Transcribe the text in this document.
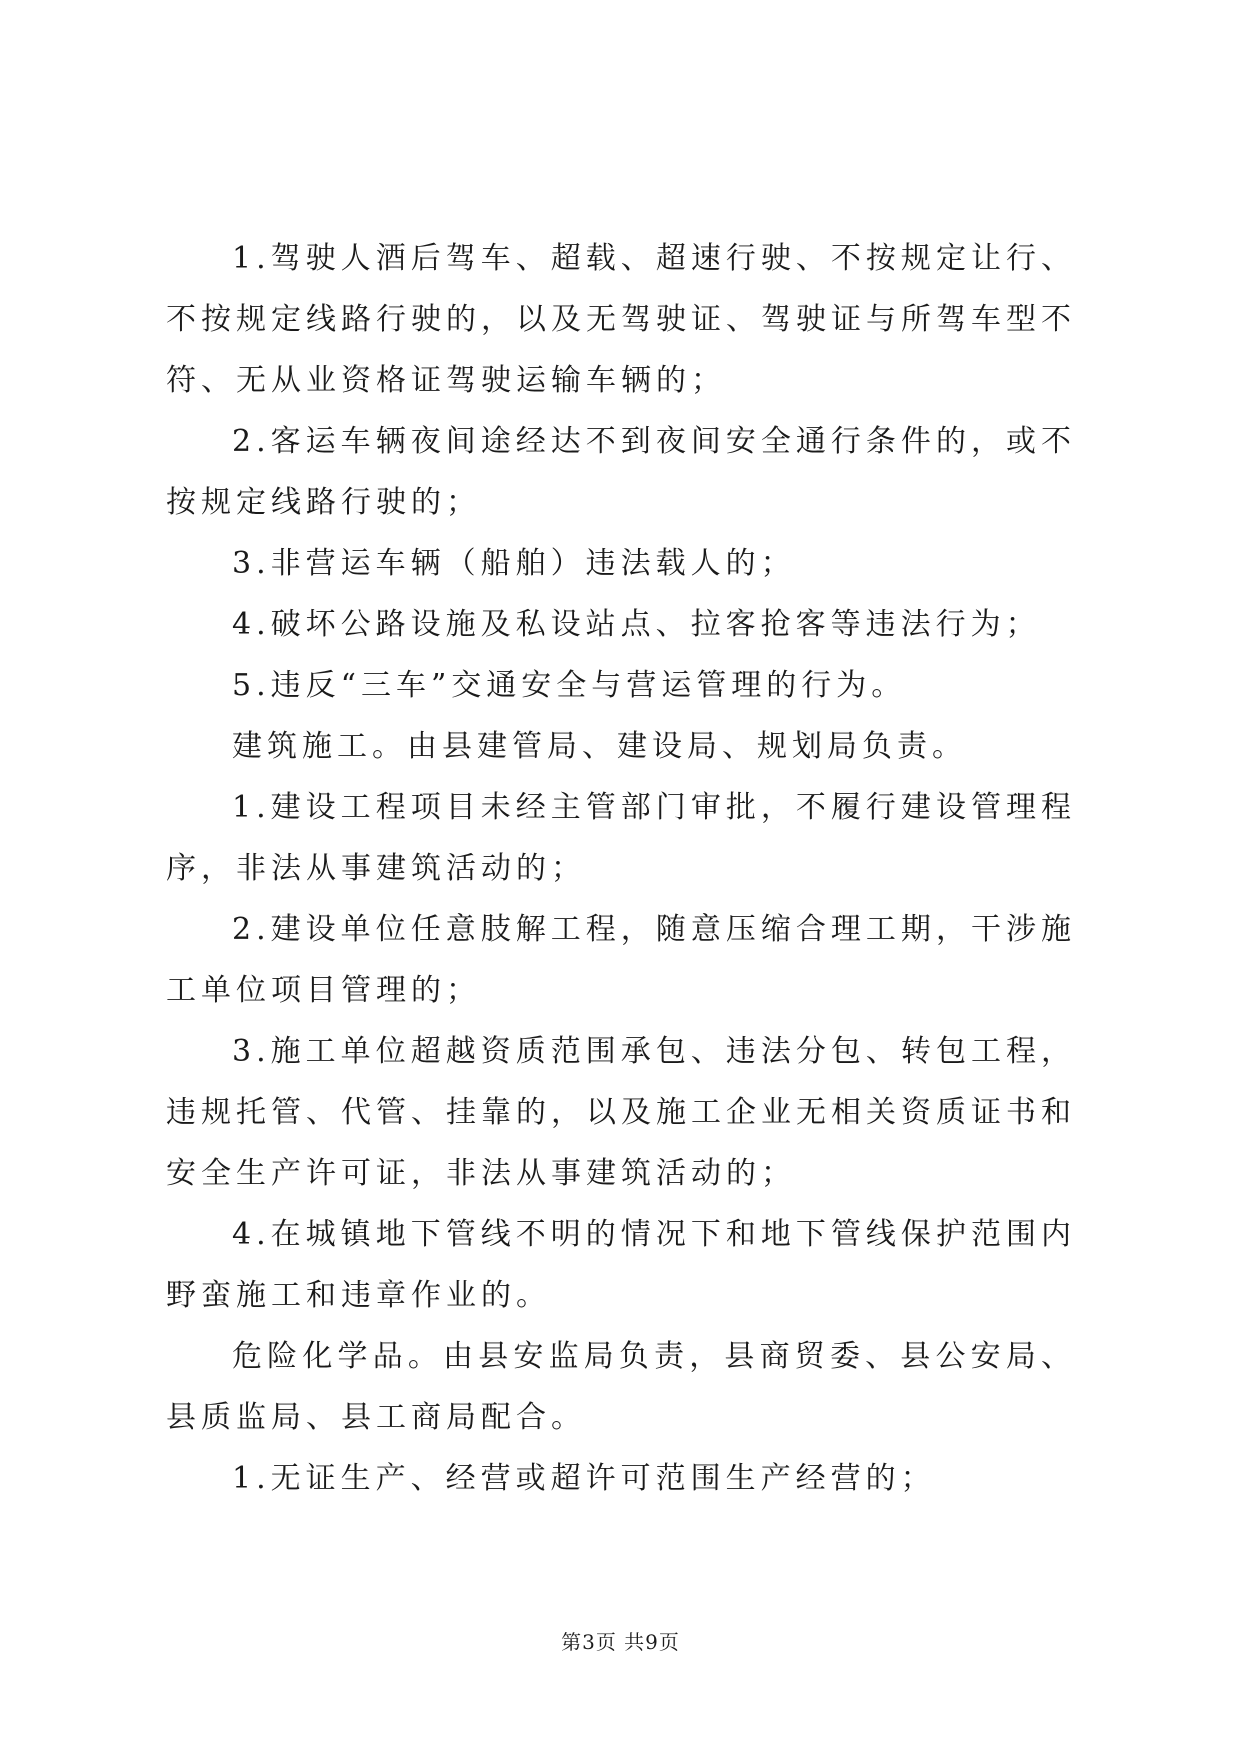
1.驾驶人酒后驾车、超载、超速行驶、不按规定让行、不按规定线路行驶的，以及无驾驶证、驾驶证与所驾车型不符、无从业资格证驾驶运输车辆的；

2.客运车辆夜间途经达不到夜间安全通行条件的，或不按规定线路行驶的；

3.非营运车辆（船舶）违法载人的；

4.破坏公路设施及私设站点、拉客抢客等违法行为；

5.违反“三车”交通安全与营运管理的行为。

建筑施工。由县建管局、建设局、规划局负责。

1.建设工程项目未经主管部门审批，不履行建设管理程序，非法从事建筑活动的；

2.建设单位任意肢解工程，随意压缩合理工期，干涉施工单位项目管理的；

3.施工单位超越资质范围承包、违法分包、转包工程，违规托管、代管、挂靠的，以及施工企业无相关资质证书和安全生产许可证，非法从事建筑活动的；

4.在城镇地下管线不明的情况下和地下管线保护范围内野蛮施工和违章作业的。

危险化学品。由县安监局负责，县商贸委、县公安局、县质监局、县工商局配合。

1.无证生产、经营或超许可范围生产经营的；

第3页 共9页
